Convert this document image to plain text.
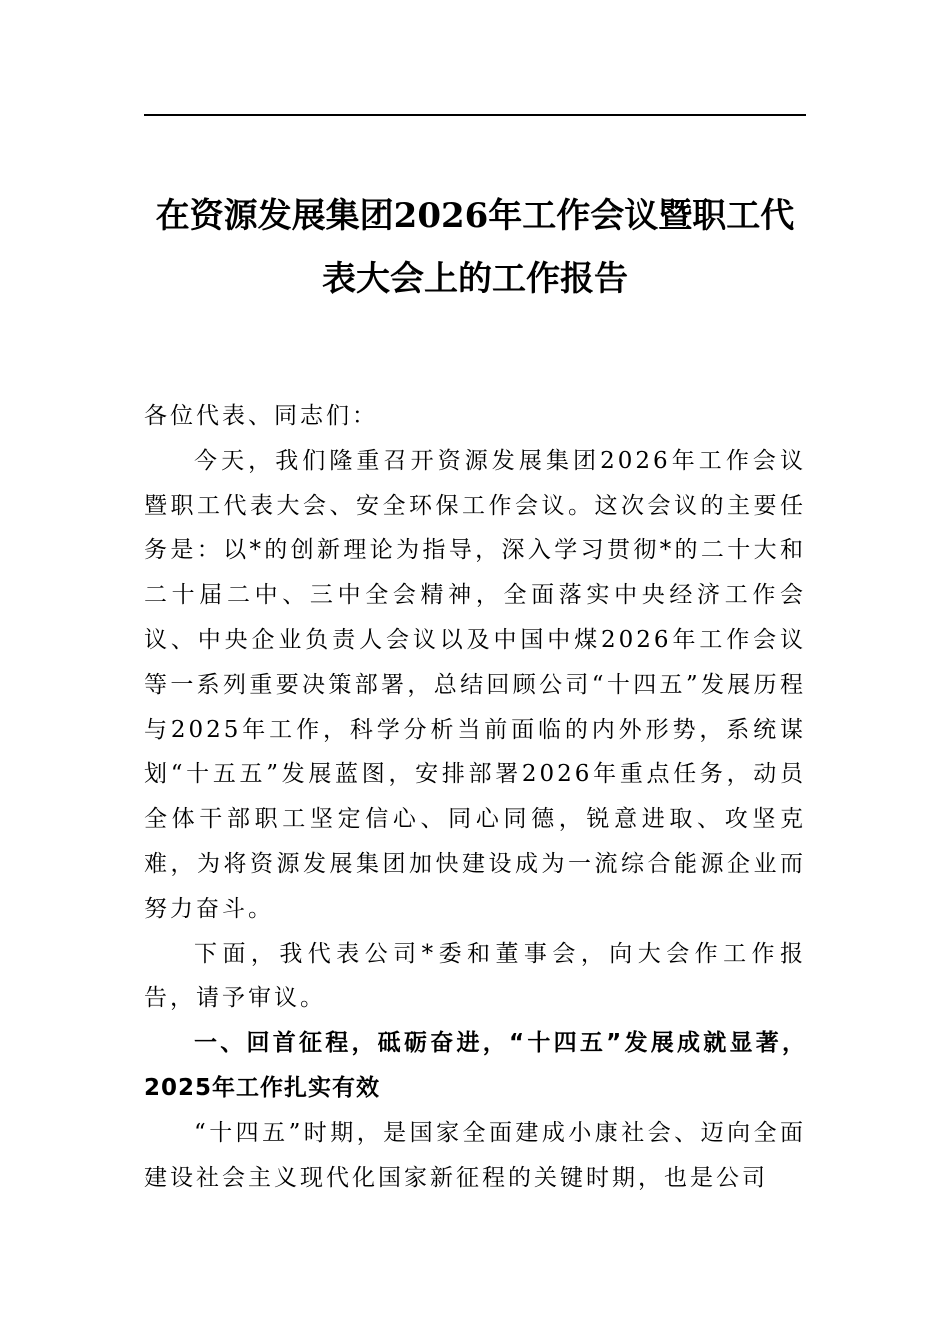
在资源发展集团2026年工作会议暨职工代
表大会上的工作报告

各位代表、同志们：

今天，我们隆重召开资源发展集团2026年工作会议暨职工代表大会、安全环保工作会议。这次会议的主要任务是：以*的创新理论为指导，深入学习贯彻*的二十大和二十届二中、三中全会精神，全面落实中央经济工作会议、中央企业负责人会议以及中国中煤2026年工作会议等一系列重要决策部署，总结回顾公司“十四五”发展历程与2025年工作，科学分析当前面临的内外形势，系统谋划“十五五”发展蓝图，安排部署2026年重点任务，动员全体干部职工坚定信心、同心同德，锐意进取、攻坚克难，为将资源发展集团加快建设成为一流综合能源企业而努力奋斗。

下面，我代表公司*委和董事会，向大会作工作报告，请予审议。

一、回首征程，砥砺奋进，“十四五”发展成就显著，2025年工作扎实有效

“十四五”时期，是国家全面建成小康社会、迈向全面建设社会主义现代化国家新征程的关键时期，也是公司
